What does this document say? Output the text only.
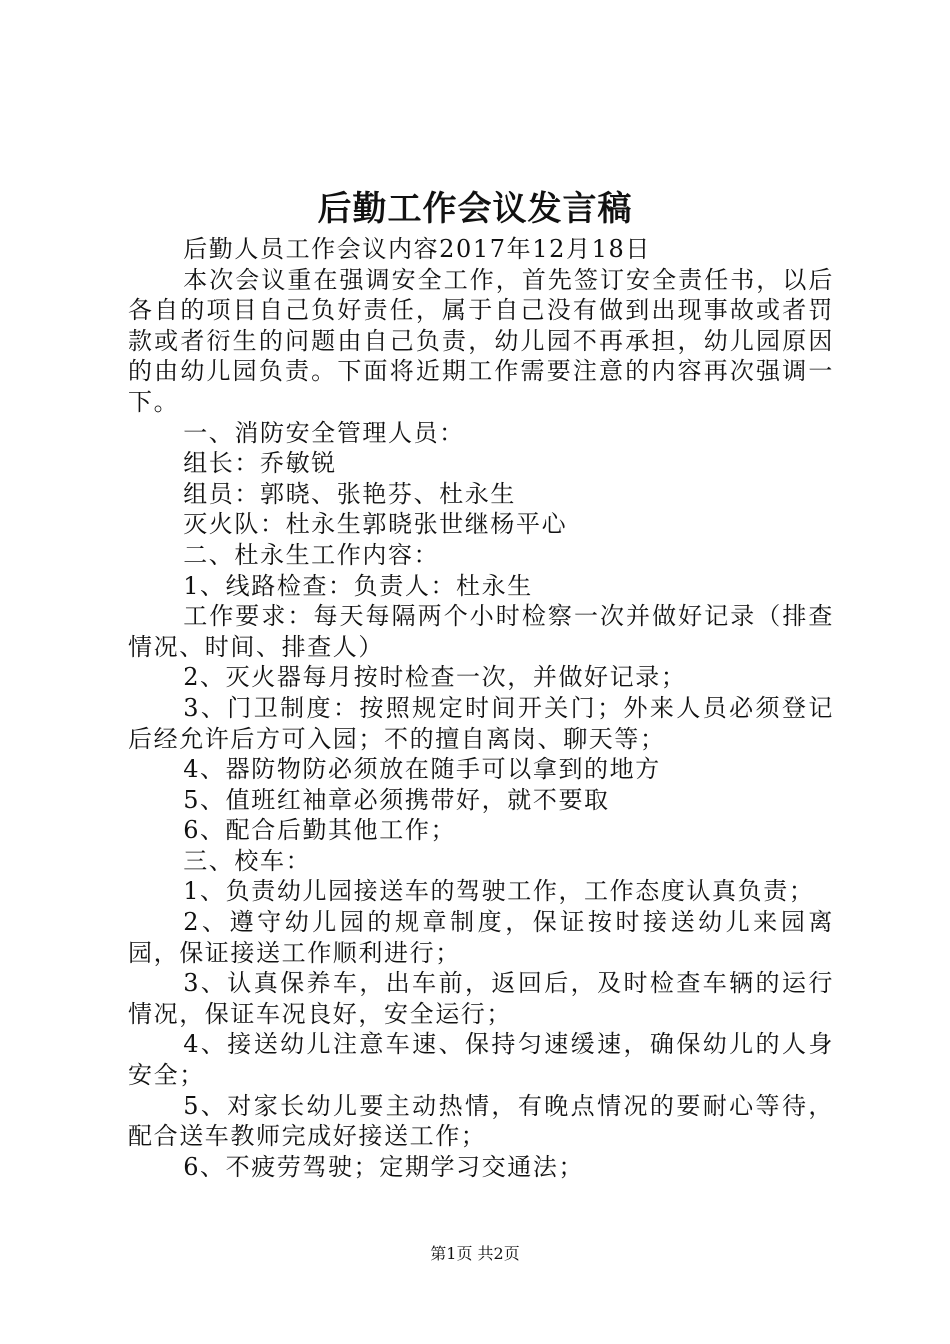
后勤工作会议发言稿

后勤人员工作会议内容2017年12月18日

本次会议重在强调安全工作，首先签订安全责任书，以后各自的项目自己负好责任，属于自己没有做到出现事故或者罚款或者衍生的问题由自己负责，幼儿园不再承担，幼儿园原因的由幼儿园负责。下面将近期工作需要注意的内容再次强调一下。

一、消防安全管理人员：

组长：乔敏锐

组员：郭晓、张艳芬、杜永生

灭火队：杜永生郭晓张世继杨平心

二、杜永生工作内容：

1、线路检查：负责人：杜永生

工作要求：每天每隔两个小时检察一次并做好记录（排查情况、时间、排查人）

2、灭火器每月按时检查一次，并做好记录；

3、门卫制度：按照规定时间开关门；外来人员必须登记后经允许后方可入园；不的擅自离岗、聊天等；

4、器防物防必须放在随手可以拿到的地方

5、值班红袖章必须携带好，就不要取

6、配合后勤其他工作；

三、校车：

1、负责幼儿园接送车的驾驶工作，工作态度认真负责；

2、遵守幼儿园的规章制度，保证按时接送幼儿来园离园，保证接送工作顺利进行；

3、认真保养车，出车前，返回后，及时检查车辆的运行情况，保证车况良好，安全运行；

4、接送幼儿注意车速、保持匀速缓速，确保幼儿的人身安全；

5、对家长幼儿要主动热情，有晚点情况的要耐心等待，配合送车教师完成好接送工作；

6、不疲劳驾驶；定期学习交通法；

第1页 共2页
